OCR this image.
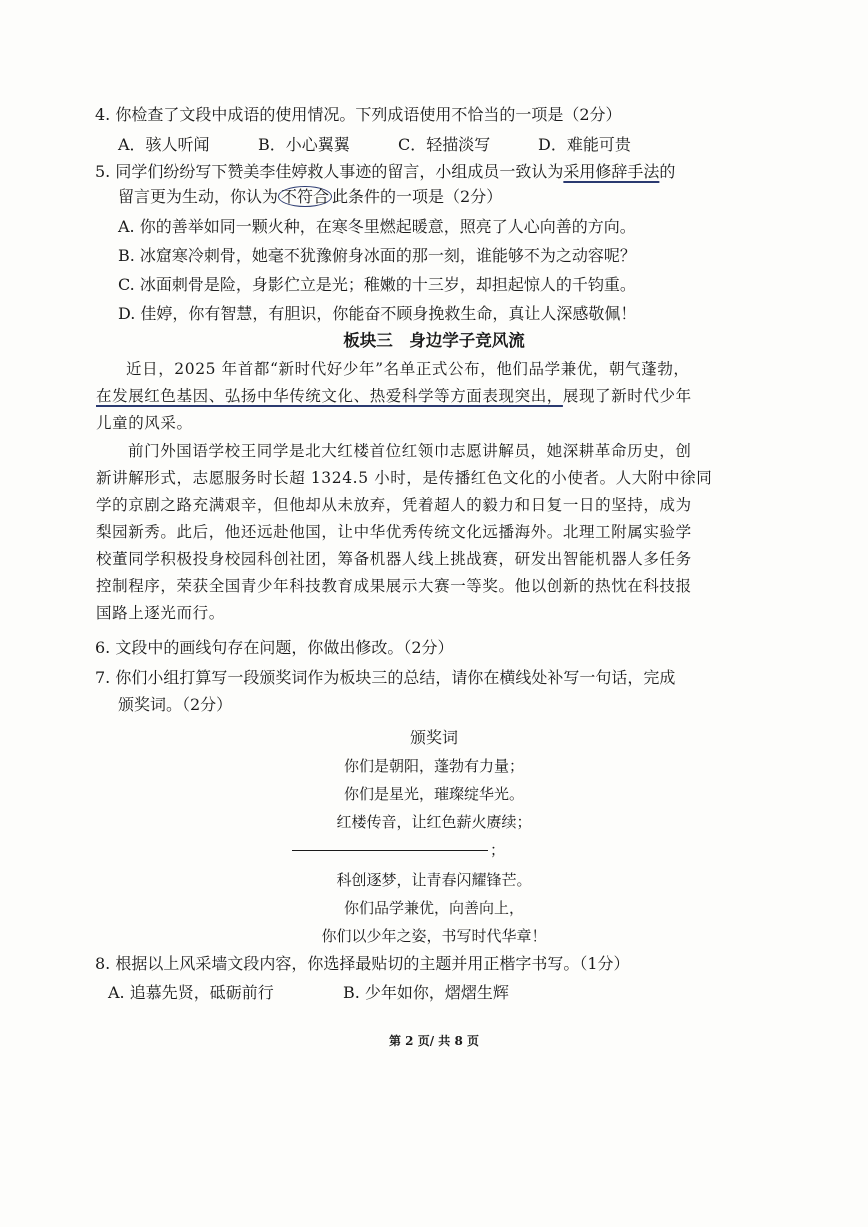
4. 你检查了文段中成语的使用情况。下列成语使用不恰当的一项是（2分）
A．骇人听闻	B．小心翼翼	C．轻描淡写	D．难能可贵
5. 同学们纷纷写下赞美李佳婷救人事迹的留言，小组成员一致认为采用修辞手法的
留言更为生动，你认为 不符合 此条件的一项是（2分）
A. 你的善举如同一颗火种，在寒冬里燃起暖意，照亮了人心向善的方向。
B. 冰窟寒冷刺骨，她毫不犹豫俯身冰面的那一刻，谁能够不为之动容呢？
C. 冰面刺骨是险，身影伫立是光；稚嫩的十三岁，却担起惊人的千钧重。
D. 佳婷，你有智慧，有胆识，你能奋不顾身挽救生命，真让人深感敬佩！
板块三　身边学子竞风流
近日，2025 年首都“新时代好少年”名单正式公布，他们品学兼优，朝气蓬勃，
在发展红色基因、弘扬中华传统文化、热爱科学等方面表现突出，展现了新时代少年
儿童的风采。
前门外国语学校王同学是北大红楼首位红领巾志愿讲解员，她深耕革命历史，创
新讲解形式，志愿服务时长超 1324.5 小时，是传播红色文化的小使者。人大附中徐同
学的京剧之路充满艰辛，但他却从未放弃，凭着超人的毅力和日复一日的坚持，成为
梨园新秀。此后，他还远赴他国，让中华优秀传统文化远播海外。北理工附属实验学
校董同学积极投身校园科创社团，筹备机器人线上挑战赛，研发出智能机器人多任务
控制程序，荣获全国青少年科技教育成果展示大赛一等奖。他以创新的热忱在科技报
国路上逐光而行。
6. 文段中的画线句存在问题，你做出修改。（2分）
7. 你们小组打算写一段颁奖词作为板块三的总结，请你在横线处补写一句话，完成
颁奖词。（2分）
颁奖词
你们是朝阳，蓬勃有力量；
你们是星光，璀璨绽华光。
红楼传音，让红色薪火赓续；
；
科创逐梦，让青春闪耀锋芒。
你们品学兼优，向善向上，
你们以少年之姿，书写时代华章！
8. 根据以上风采墙文段内容，你选择最贴切的主题并用正楷字书写。（1分）
A. 追慕先贤，砥砺前行	B. 少年如你，熠熠生辉
第 2 页/ 共 8 页
